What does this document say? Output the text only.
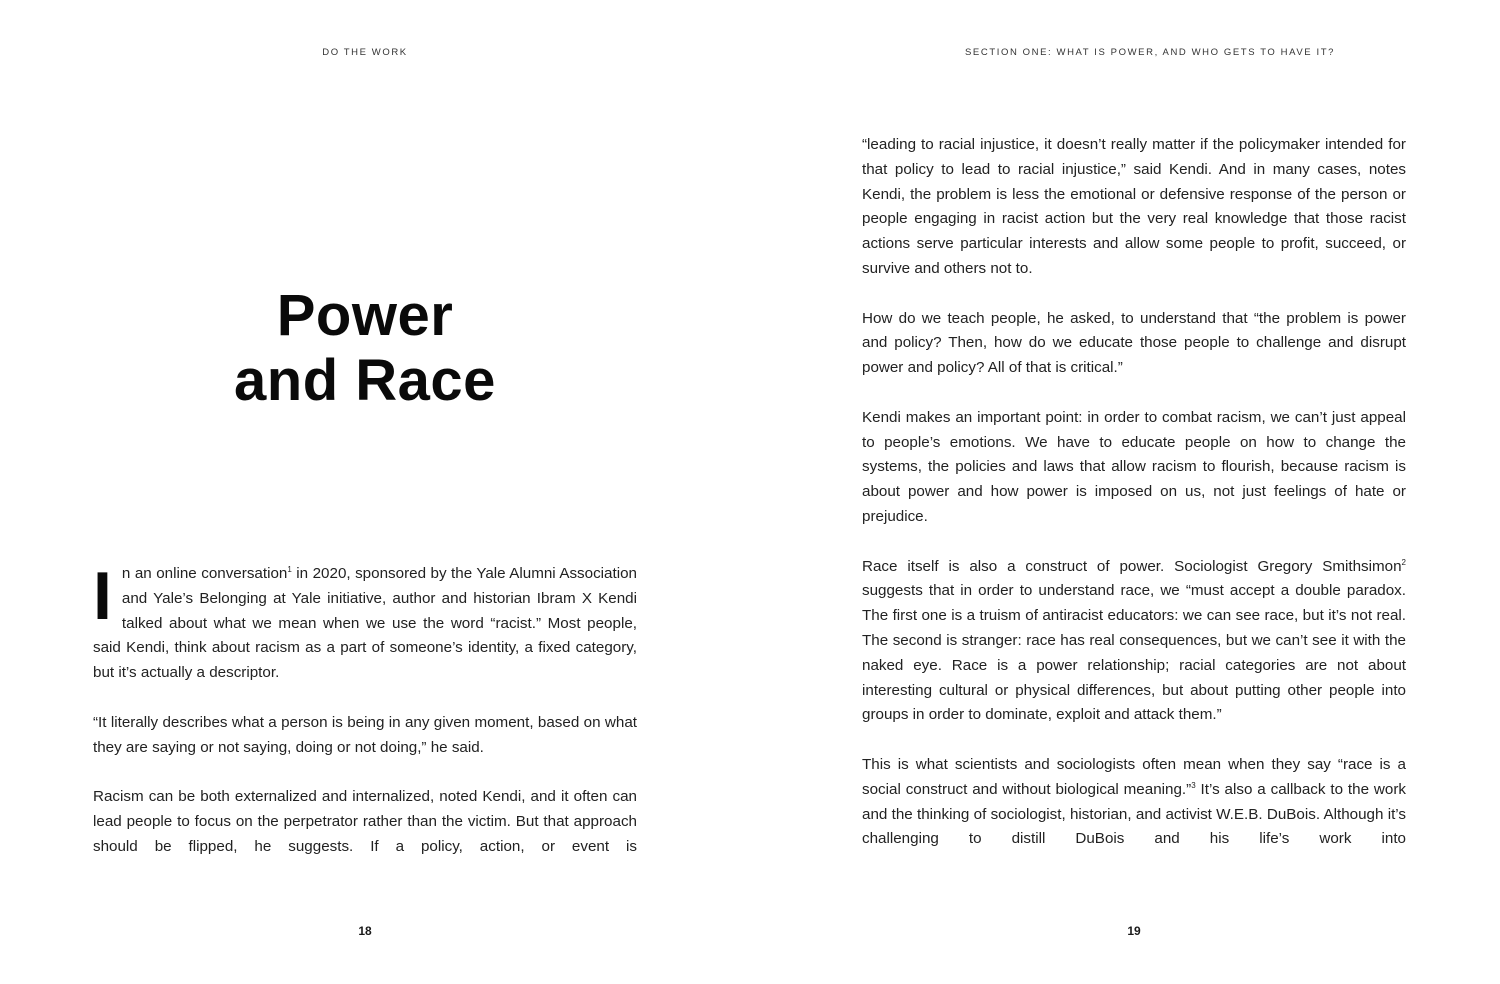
DO THE WORK
Power
and Race

In an online conversation$^1$ in 2020, sponsored by the Yale Alumni Association and Yale’s Belonging at Yale initiative, author and historian Ibram X Kendi talked about what we mean when we use the word “racist.” Most people, said Kendi, think about racism as a part of someone’s identity, a fixed category, but it’s actually a descriptor.

“It literally describes what a person is being in any given moment, based on what they are saying or not saying, doing or not doing,” he said.

Racism can be both externalized and internalized, noted Kendi, and it often can lead people to focus on the perpetrator rather than the victim. But that approach should be flipped, he suggests. If a policy, action, or event is

18
SECTION ONE: WHAT IS POWER, AND WHO GETS TO HAVE IT?

“leading to racial injustice, it doesn’t really matter if the policymaker intended for that policy to lead to racial injustice,” said Kendi. And in many cases, notes Kendi, the problem is less the emotional or defensive response of the person or people engaging in racist action but the very real knowledge that those racist actions serve particular interests and allow some people to profit, succeed, or survive and others not to.

How do we teach people, he asked, to understand that “the problem is power and policy? Then, how do we educate those people to challenge and disrupt power and policy? All of that is critical.”

Kendi makes an important point: in order to combat racism, we can’t just appeal to people’s emotions. We have to educate people on how to change the systems, the policies and laws that allow racism to flourish, because racism is about power and how power is imposed on us, not just feelings of hate or prejudice.

Race itself is also a construct of power. Sociologist Gregory Smithsimon$^2$ suggests that in order to understand race, we “must accept a double paradox. The first one is a truism of antiracist educators: we can see race, but it’s not real. The second is stranger: race has real consequences, but we can’t see it with the naked eye. Race is a power relationship; racial categories are not about interesting cultural or physical differences, but about putting other people into groups in order to dominate, exploit and attack them.”

This is what scientists and sociologists often mean when they say “race is a social construct and without biological meaning.”$^3$ It’s also a callback to the work and the thinking of sociologist, historian, and activist W.E.B. DuBois. Although it’s challenging to distill DuBois and his life’s work into

19
